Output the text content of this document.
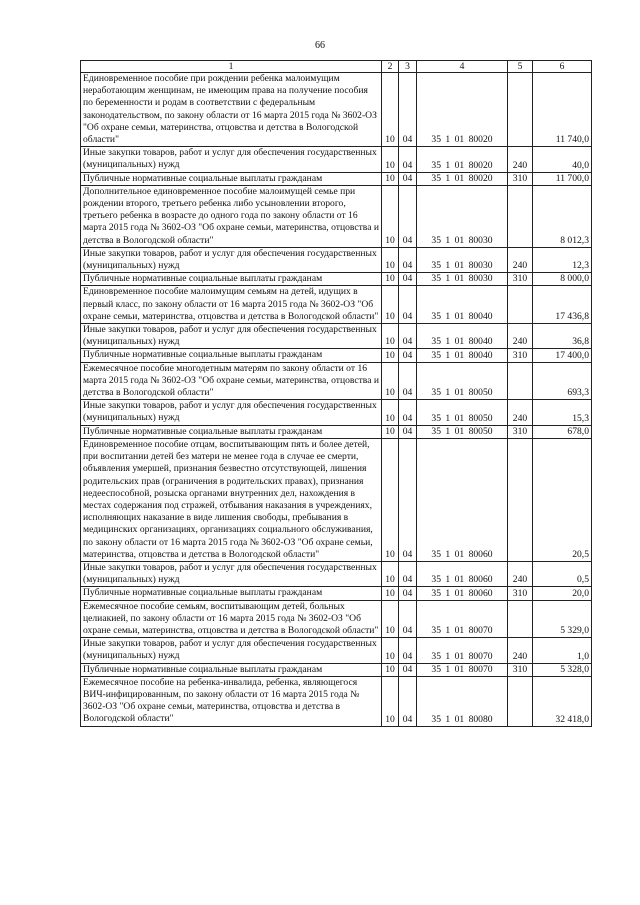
66
1	2	3	4	5	6
Единовременное пособие при рождении ребенка малоимущим неработающим женщинам, не имеющим права на получение пособия по беременности и родам в соответствии с федеральным законодательством, по закону области от 16 марта 2015 года № 3602-ОЗ "Об охране семьи, материнства, отцовства и детства в Вологодской области"	10	04	35 1 01 80020		11 740,0
Иные закупки товаров, работ и услуг для обеспечения государственных (муниципальных) нужд	10	04	35 1 01 80020	240	40,0
Публичные нормативные социальные выплаты гражданам	10	04	35 1 01 80020	310	11 700,0
Дополнительное единовременное пособие малоимущей семье при рождении второго, третьего ребенка либо усыновлении второго, третьего ребенка в возрасте до одного года по закону области от 16 марта 2015 года № 3602-ОЗ "Об охране семьи, материнства, отцовства и детства в Вологодской области"	10	04	35 1 01 80030		8 012,3
Иные закупки товаров, работ и услуг для обеспечения государственных (муниципальных) нужд	10	04	35 1 01 80030	240	12,3
Публичные нормативные социальные выплаты гражданам	10	04	35 1 01 80030	310	8 000,0
Единовременное пособие малоимущим семьям на детей, идущих в первый класс, по закону области от 16 марта 2015 года № 3602-ОЗ "Об охране семьи, материнства, отцовства и детства в Вологодской области"	10	04	35 1 01 80040		17 436,8
Иные закупки товаров, работ и услуг для обеспечения государственных (муниципальных) нужд	10	04	35 1 01 80040	240	36,8
Публичные нормативные социальные выплаты гражданам	10	04	35 1 01 80040	310	17 400,0
Ежемесячное пособие многодетным матерям по закону области от 16 марта 2015 года № 3602-ОЗ "Об охране семьи, материнства, отцовства и детства в Вологодской области"	10	04	35 1 01 80050		693,3
Иные закупки товаров, работ и услуг для обеспечения государственных (муниципальных) нужд	10	04	35 1 01 80050	240	15,3
Публичные нормативные социальные выплаты гражданам	10	04	35 1 01 80050	310	678,0
Единовременное пособие отцам, воспитывающим пять и более детей, при воспитании детей без матери не менее года в случае ее смерти, объявления умершей, признания безвестно отсутствующей, лишения родительских прав (ограничения в родительских правах), признания недееспособной, розыска органами внутренних дел, нахождения в местах содержания под стражей, отбывания наказания в учреждениях, исполняющих наказание в виде лишения свободы, пребывания в медицинских организациях, организациях социального обслуживания, по закону области от 16 марта 2015 года № 3602-ОЗ "Об охране семьи, материнства, отцовства и детства в Вологодской области"	10	04	35 1 01 80060		20,5
Иные закупки товаров, работ и услуг для обеспечения государственных (муниципальных) нужд	10	04	35 1 01 80060	240	0,5
Публичные нормативные социальные выплаты гражданам	10	04	35 1 01 80060	310	20,0
Ежемесячное пособие семьям, воспитывающим детей, больных целиакией, по закону области от 16 марта 2015 года № 3602-ОЗ "Об охране семьи, материнства, отцовства и детства в Вологодской области"	10	04	35 1 01 80070		5 329,0
Иные закупки товаров, работ и услуг для обеспечения государственных (муниципальных) нужд	10	04	35 1 01 80070	240	1,0
Публичные нормативные социальные выплаты гражданам	10	04	35 1 01 80070	310	5 328,0
Ежемесячное пособие на ребенка-инвалида, ребенка, являющегося ВИЧ-инфицированным, по закону области от 16 марта 2015 года № 3602-ОЗ "Об охране семьи, материнства, отцовства и детства в Вологодской области"	10	04	35 1 01 80080		32 418,0
